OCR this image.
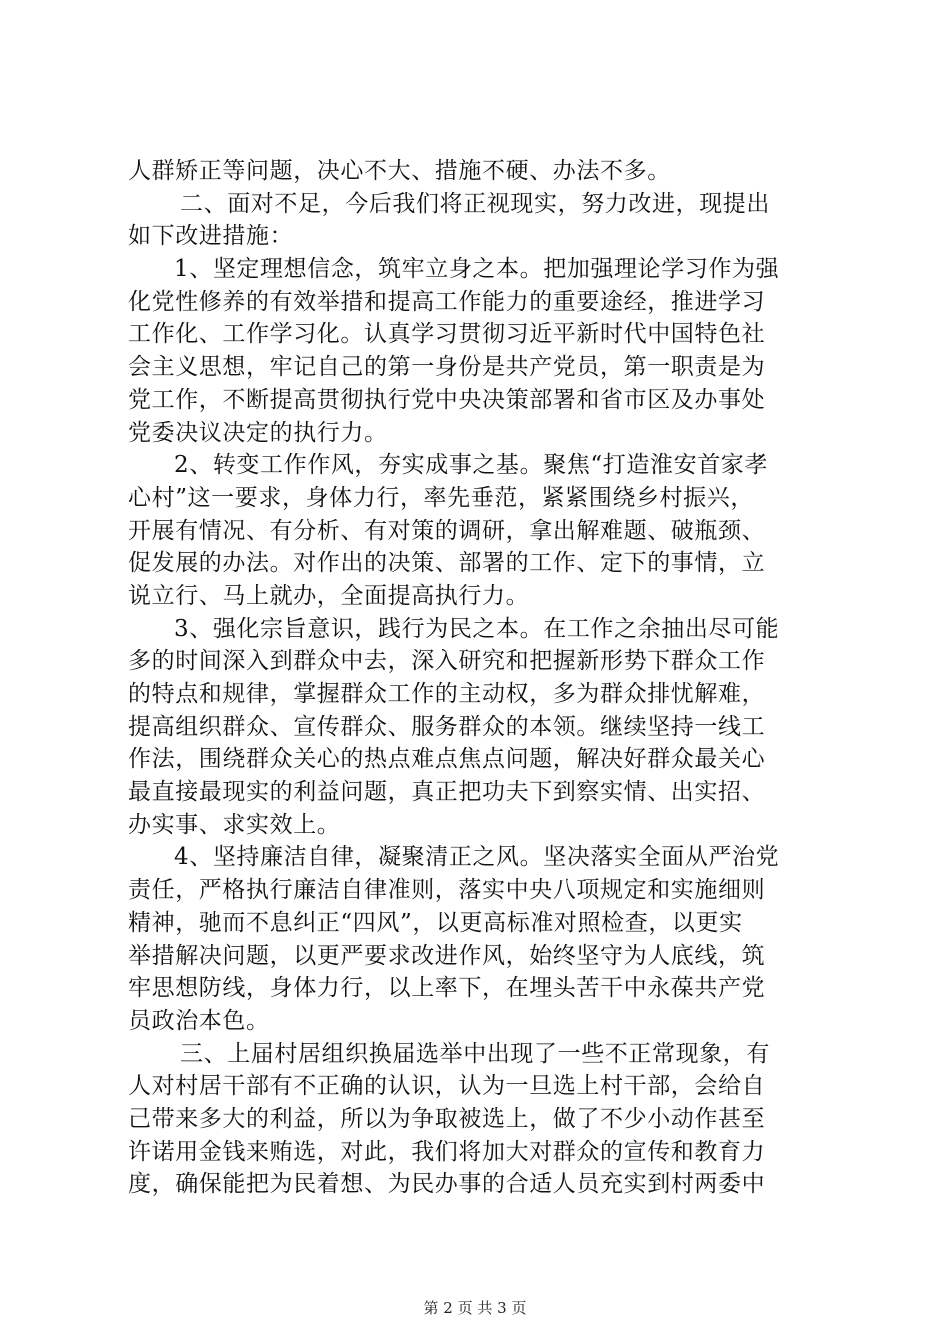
人群矫正等问题，决心不大、措施不硬、办法不多。
二、面对不足，今后我们将正视现实，努力改进，现提出
如下改进措施：
1、坚定理想信念，筑牢立身之本。把加强理论学习作为强
化党性修养的有效举措和提高工作能力的重要途经，推进学习
工作化、工作学习化。认真学习贯彻习近平新时代中国特色社
会主义思想，牢记自己的第一身份是共产党员，第一职责是为
党工作，不断提高贯彻执行党中央决策部署和省市区及办事处
党委决议决定的执行力。
2、转变工作作风，夯实成事之基。聚焦“打造淮安首家孝
心村”这一要求，身体力行，率先垂范，紧紧围绕乡村振兴，
开展有情况、有分析、有对策的调研，拿出解难题、破瓶颈、
促发展的办法。对作出的决策、部署的工作、定下的事情，立
说立行、马上就办，全面提高执行力。
3、强化宗旨意识，践行为民之本。在工作之余抽出尽可能
多的时间深入到群众中去，深入研究和把握新形势下群众工作
的特点和规律，掌握群众工作的主动权，多为群众排忧解难，
提高组织群众、宣传群众、服务群众的本领。继续坚持一线工
作法，围绕群众关心的热点难点焦点问题，解决好群众最关心
最直接最现实的利益问题，真正把功夫下到察实情、出实招、
办实事、求实效上。
4、坚持廉洁自律，凝聚清正之风。坚决落实全面从严治党
责任，严格执行廉洁自律准则，落实中央八项规定和实施细则
精神，驰而不息纠正“四风”，以更高标准对照检查，以更实
举措解决问题，以更严要求改进作风，始终坚守为人底线，筑
牢思想防线，身体力行，以上率下，在埋头苦干中永葆共产党
员政治本色。
三、上届村居组织换届选举中出现了一些不正常现象，有
人对村居干部有不正确的认识，认为一旦选上村干部，会给自
己带来多大的利益，所以为争取被选上，做了不少小动作甚至
许诺用金钱来贿选，对此，我们将加大对群众的宣传和教育力
度，确保能把为民着想、为民办事的合适人员充实到村两委中
第 2 页 共 3 页
